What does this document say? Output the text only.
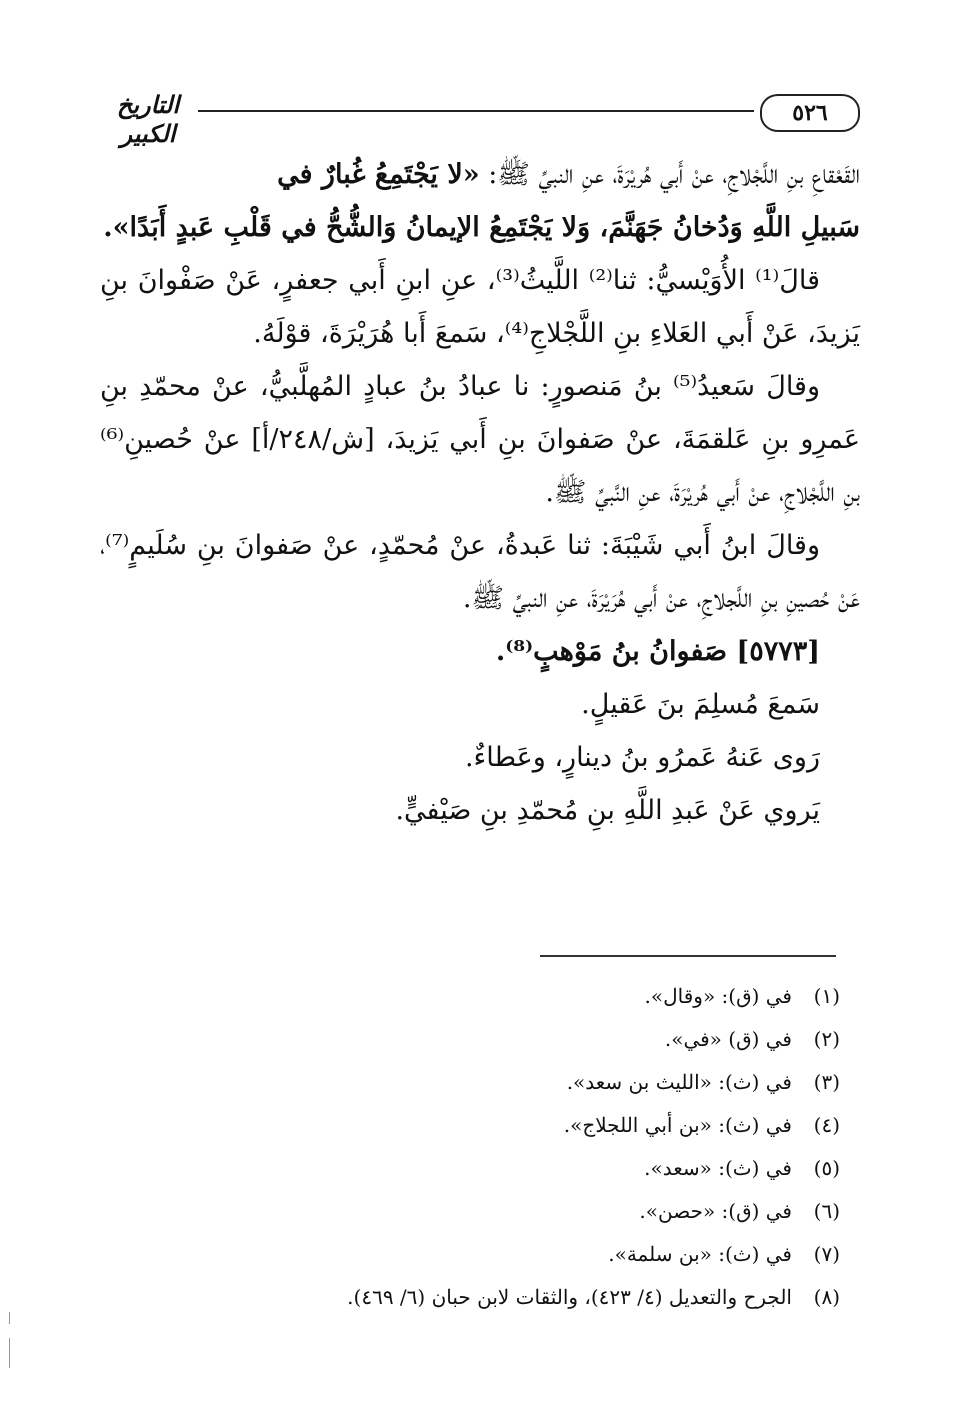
٥٢٦
التاريخ الكبير

القَعْقاعِ بنِ اللَّجْلاجِ، عنْ أَبي هُريْرَةَ، عنِ النبيِّ ﷺ: «لا يَجْتَمِعُ غُبارٌ في

سَبيلِ اللَّهِ وَدُخانُ جَهَنَّمَ، وَلا يَجْتَمِعُ الإيمانُ وَالشُّحُّ في قَلْبِ عَبدٍ أَبَدًا».

قالَ⁽¹⁾ الأُوَيْسيُّ: ثنا⁽²⁾ اللَّيثُ⁽³⁾، عنِ ابنِ أَبي جعفرٍ، عَنْ صَفْوانَ بنِ يَزيدَ، عَنْ أَبي العَلاءِ بنِ اللَّجْلاجِ⁽⁴⁾، سَمعَ أَبا هُرَيْرَةَ، قوْلَهُ.

وقالَ سَعيدُ⁽⁵⁾ بنُ مَنصورٍ: نا عبادُ بنُ عبادٍ المُهلَّبيُّ، عنْ محمّدِ بنِ عَمرِو بنِ عَلقمَةَ، عنْ صَفوانَ بنِ أَبي يَزيدَ، [ش/٢٤٨/أ] عنْ حُصينِ⁽⁶⁾ بنِ اللَّجْلاجِ، عنْ أَبي هُريْرَةَ، عنِ النَّبيِّ ﷺ.

وقالَ ابنُ أَبي شَيْبَةَ: ثنا عَبدةُ، عنْ مُحمّدٍ، عنْ صَفوانَ بنِ سُلَيمٍ⁽⁷⁾، عَنْ حُصينِ بنِ اللَّجلاجِ، عنْ أَبي هُرَيْرَةَ، عنِ النبيِّ ﷺ.

[٥٧٧٣] صَفوانُ بنُ مَوْهبٍ⁽⁸⁾.

سَمعَ مُسلِمَ بنَ عَقيلٍ.

رَوى عَنهُ عَمرُو بنُ دينارٍ، وعَطاءٌ.

يَروي عَنْ عَبدِ اللَّهِ بنِ مُحمّدِ بنِ صَيْفيٍّ.

(١)
في (ق): «وقال».
(٢)
في (ق) «في».
(٣)
في (ث): «الليث بن سعد».
(٤)
في (ث): «بن أبي اللجلاج».
(٥)
في (ث): «سعد».
(٦)
في (ق): «حصن».
(٧)
في (ث): «بن سلمة».
(٨)
الجرح والتعديل (٤/ ٤٢٣)، والثقات لابن حبان (٦/ ٤٦٩).
